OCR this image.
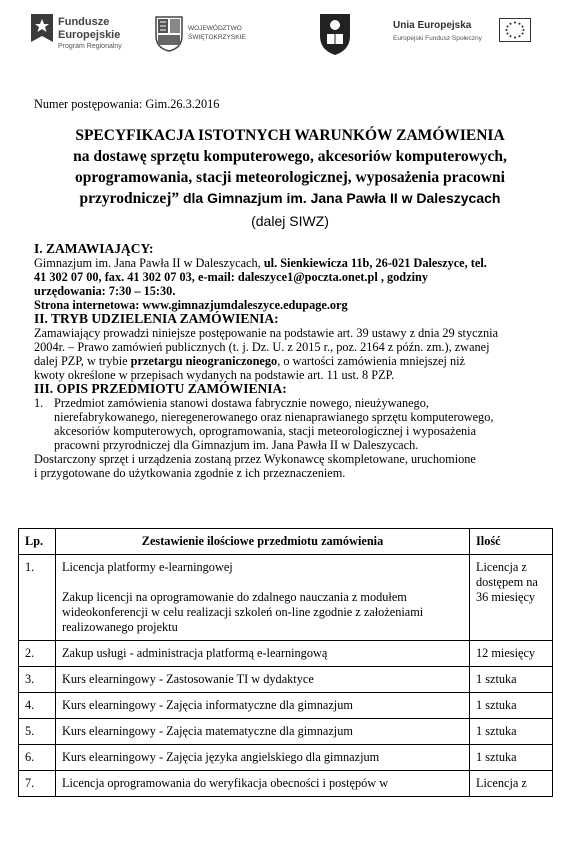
Fundusze
Europejskie
Program Regionalny
WOJEWÓDZTWO
ŚWIĘTOKRZYSKIE
Unia Europejska
Europejski Fundusz Społeczny

Numer postępowania: Gim.26.3.2016

SPECYFIKACJA ISTOTNYCH WARUNKÓW ZAMÓWIENIA

na dostawę sprzętu komputerowego, akcesoriów komputerowych,

oprogramowania, stacji meteorologicznej, wyposażenia pracowni

przyrodniczej” dla Gimnazjum im. Jana Pawła II w Daleszycach

(dalej SIWZ)

I. ZAMAWIAJĄCY:

Gimnazjum im. Jana Pawła II w Daleszycach, ul. Sienkiewicza 11b, 26-021 Daleszyce, tel.

41 302 07 00, fax. 41 302 07 03, e-mail: daleszyce1@poczta.onet.pl , godziny

urzędowania: 7:30 – 15:30.

Strona internetowa: www.gimnazjumdaleszyce.edupage.org

II. TRYB UDZIELENIA ZAMÓWIENIA:

Zamawiający prowadzi niniejsze postępowanie na podstawie art. 39 ustawy z dnia 29 stycznia

2004r. – Prawo zamówień publicznych (t. j. Dz. U. z 2015 r., poz. 2164 z późn. zm.), zwanej

dalej PZP, w trybie przetargu nieograniczonego, o wartości zamówienia mniejszej niż

kwoty określone w przepisach wydanych na podstawie art. 11 ust. 8 PZP.

III. OPIS PRZEDMIOTU ZAMÓWIENIA:

1. Przedmiot zamówienia stanowi dostawa fabrycznie nowego, nieużywanego,

nierefabrykowanego, nieregenerowanego oraz nienaprawianego sprzętu komputerowego,

akcesoriów komputerowych, oprogramowania, stacji meteorologicznej i wyposażenia

pracowni przyrodniczej dla Gimnazjum im. Jana Pawła II w Daleszycach.

Dostarczony sprzęt i urządzenia zostaną przez Wykonawcę skompletowane, uruchomione

i przygotowane do użytkowania zgodnie z ich przeznaczeniem.

Lp.	Zestawienie ilościowe przedmiotu zamówienia	Ilość
1.	Licencja platformy e-learningowej
Zakup licencji na oprogramowanie do zdalnego nauczania z modułem wideokonferencji w celu realizacji szkoleń on-line zgodnie z założeniami realizowanego projektu	Licencja z dostępem na 36 miesięcy
2.	Zakup usługi - administracja platformą e-learningową	12 miesięcy
3.	Kurs elearningowy - Zastosowanie TI w dydaktyce	1 sztuka
4.	Kurs elearningowy - Zajęcia informatyczne dla gimnazjum	1 sztuka
5.	Kurs elearningowy - Zajęcia matematyczne dla gimnazjum	1 sztuka
6.	Kurs elearningowy - Zajęcia języka angielskiego dla gimnazjum	1 sztuka
7.	Licencja oprogramowania do weryfikacja obecności i postępów w	Licencja z
